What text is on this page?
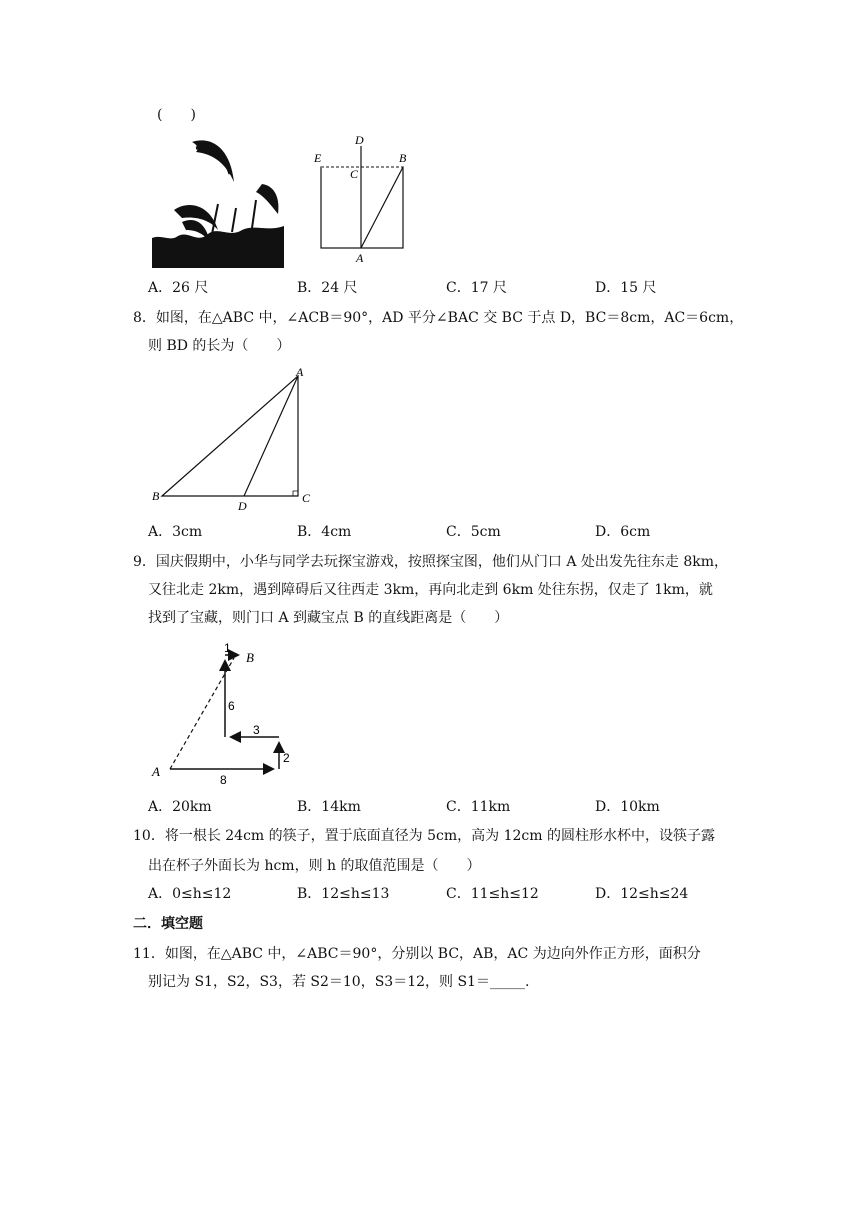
(　　)
D
E	B
C
A
A．26 尺	B．24 尺	C．17 尺	D．15 尺
8．如图，在△ABC 中，∠ACB＝90°，AD 平分∠BAC 交 BC 于点 D，BC＝8cm，AC＝6cm，
则 BD 的长为（　　）
A
B	C
D
A．3cm	B．4cm	C．5cm	D．6cm
9．国庆假期中，小华与同学去玩探宝游戏，按照探宝图，他们从门口 A 处出发先往东走 8km，
又往北走 2km，遇到障碍后又往西走 3km，再向北走到 6km 处往东拐，仅走了 1km，就
找到了宝藏，则门口 A 到藏宝点 B 的直线距离是（　　）
A
B
1
6
3
2
8
A．20km	B．14km	C．11km	D．10km
10．将一根长 24cm 的筷子，置于底面直径为 5cm，高为 12cm 的圆柱形水杯中，设筷子露
出在杯子外面长为 hcm，则 h 的取值范围是（　　）
A．0≤h≤12	B．12≤h≤13	C．11≤h≤12	D．12≤h≤24
二．填空题
11．如图，在△ABC 中，∠ABC＝90°，分别以 BC，AB，AC 为边向外作正方形，面积分
别记为 S1，S2，S3，若 S2＝10，S3＝12，则 S1＝_____.
